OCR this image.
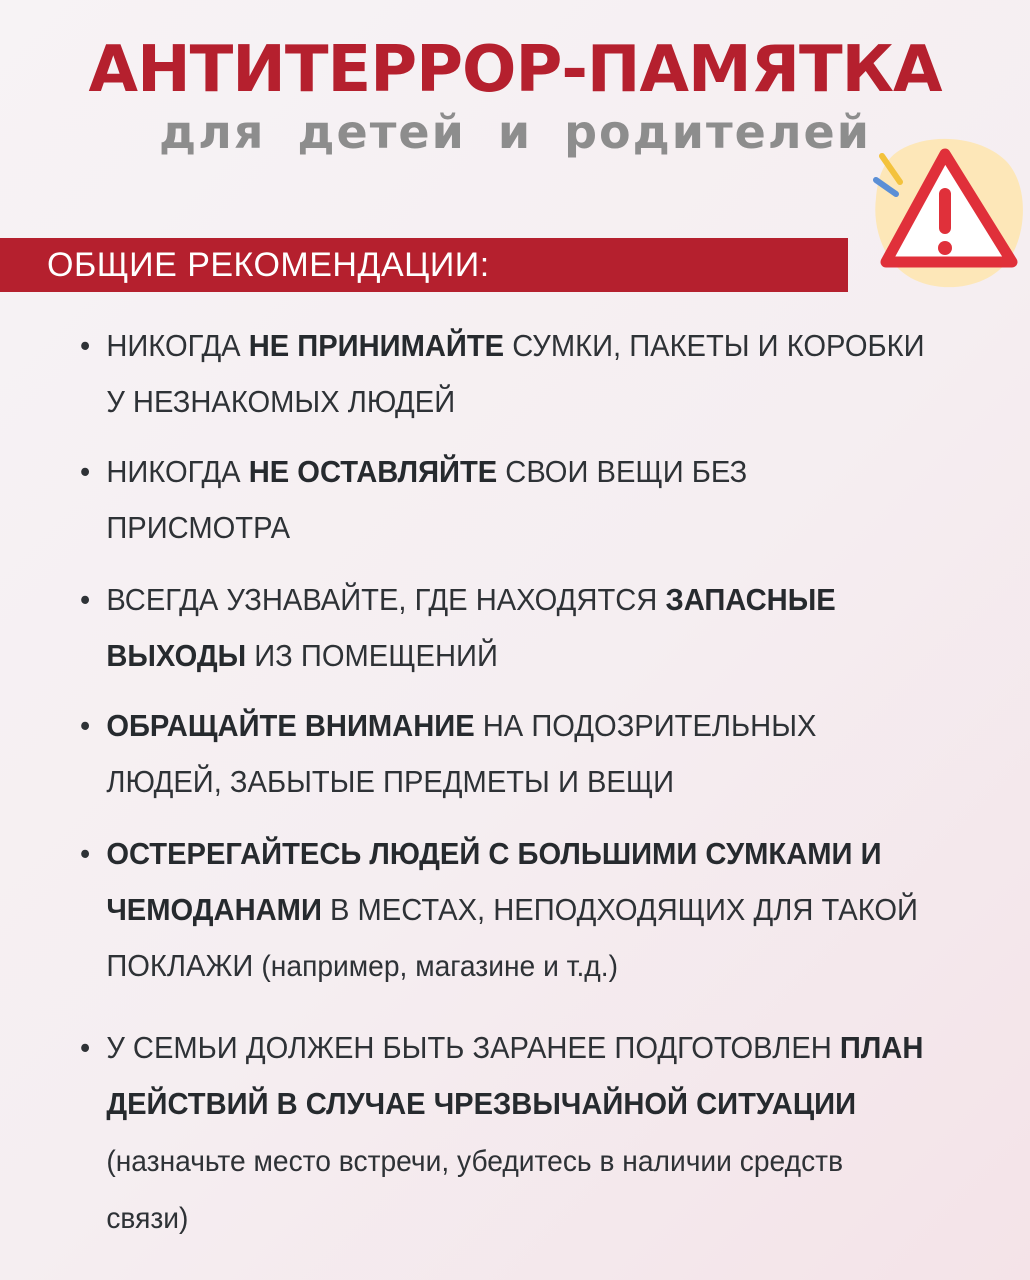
АНТИТЕРРОР-ПАМЯТКА
для детей и родителей
ОБЩИЕ РЕКОМЕНДАЦИИ:
• НИКОГДА НЕ ПРИНИМАЙТЕ СУМКИ, ПАКЕТЫ И КОРОБКИ У НЕЗНАКОМЫХ ЛЮДЕЙ
• НИКОГДА НЕ ОСТАВЛЯЙТЕ СВОИ ВЕЩИ БЕЗ ПРИСМОТРА
• ВСЕГДА УЗНАВАЙТЕ, ГДЕ НАХОДЯТСЯ ЗАПАСНЫЕ ВЫХОДЫ ИЗ ПОМЕЩЕНИЙ
• ОБРАЩАЙТЕ ВНИМАНИЕ НА ПОДОЗРИТЕЛЬНЫХ ЛЮДЕЙ, ЗАБЫТЫЕ ПРЕДМЕТЫ И ВЕЩИ
• ОСТЕРЕГАЙТЕСЬ ЛЮДЕЙ С БОЛЬШИМИ СУМКАМИ И ЧЕМОДАНАМИ В МЕСТАХ, НЕПОДХОДЯЩИХ ДЛЯ ТАКОЙ ПОКЛАЖИ (например, магазине и т.д.)
• У СЕМЬИ ДОЛЖЕН БЫТЬ ЗАРАНЕЕ ПОДГОТОВЛЕН ПЛАН ДЕЙСТВИЙ В СЛУЧАЕ ЧРЕЗВЫЧАЙНОЙ СИТУАЦИИ (назначьте место встречи, убедитесь в наличии средств связи)
